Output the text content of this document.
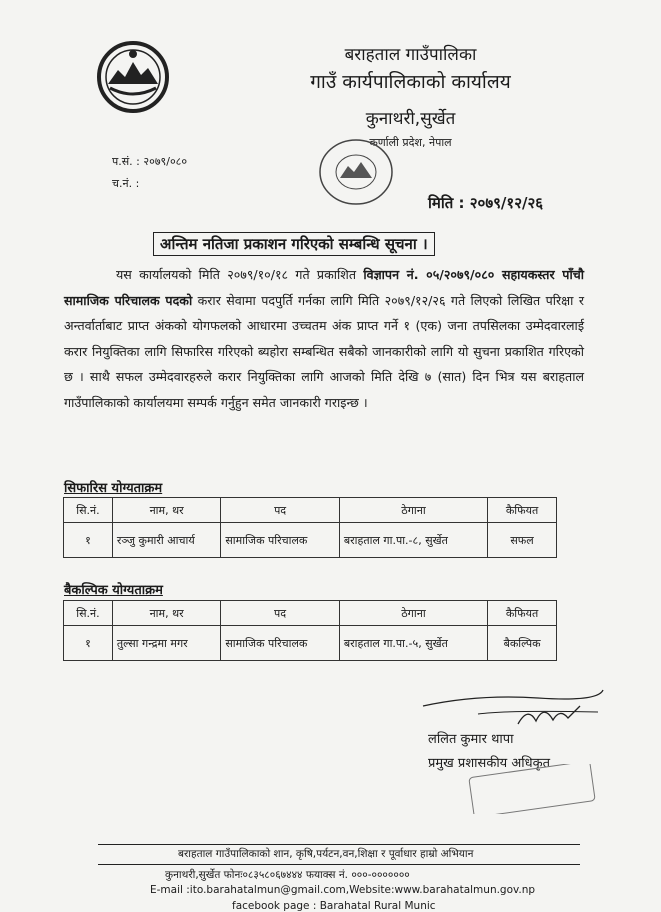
बराहताल गाउँपालिका
गाउँ कार्यपालिकाको कार्यालय
कुनाथरी,सुर्खेत
कर्णाली प्रदेश, नेपाल
प.सं. : २०७९/०८०
च.नं. :
मिति : २०७९/१२/२६
अन्तिम नतिजा प्रकाशन गरिएको सम्बन्धि सूचना ।
यस कार्यालयको मिति २०७९/१०/१८ गते प्रकाशित विज्ञापन नं. ०५/२०७९/०८० सहायकस्तर पाँचौ सामाजिक परिचालक पदको करार सेवामा पदपुर्ति गर्नका लागि मिति २०७९/१२/२६ गते लिएको लिखित परिक्षा र अन्तर्वार्ताबाट प्राप्त अंकको योगफलको आधारमा उच्चतम अंक प्राप्त गर्ने १ (एक) जना तपसिलका उम्मेदवारलाई करार नियुक्तिका लागि सिफारिस गरिएको ब्यहोरा सम्बन्धित सबैको जानकारीको लागि यो सुचना प्रकाशित गरिएको छ । साथै सफल उम्मेदवारहरुले करार नियुक्तिका लागि आजको मिति देखि ७ (सात) दिन भित्र यस बराहताल गाउँपालिकाको कार्यालयमा सम्पर्क गर्नुहुन समेत जानकारी गराइन्छ ।
सिफारिस योग्यताक्रम
सि.नं.	नाम, थर	पद	ठेगाना	कैफियत
१	रञ्जु कुमारी आचार्य	सामाजिक परिचालक	बराहताल गा.पा.-८, सुर्खेत	सफल
बैकल्पिक योग्यताक्रम
सि.नं.	नाम, थर	पद	ठेगाना	कैफियत
१	तुल्सा गन्द्रमा मगर	सामाजिक परिचालक	बराहताल गा.पा.-५, सुर्खेत	बैकल्पिक
ललित कुमार थापा
प्रमुख प्रशासकीय अधिकृत
बराहताल गाउँपालिकाको शान, कृषि,पर्यटन,वन,शिक्षा र पूर्वाधार हाम्रो अभियान
कुनाथरी,सुर्खेत फोनः०८३५८०६७४४४ फयाक्स नं. ०००-०००००००
E-mail :ito.barahatalmun@gmail.com,Website:www.barahatalmun.gov.np
facebook page : Barahatal Rural Munic
